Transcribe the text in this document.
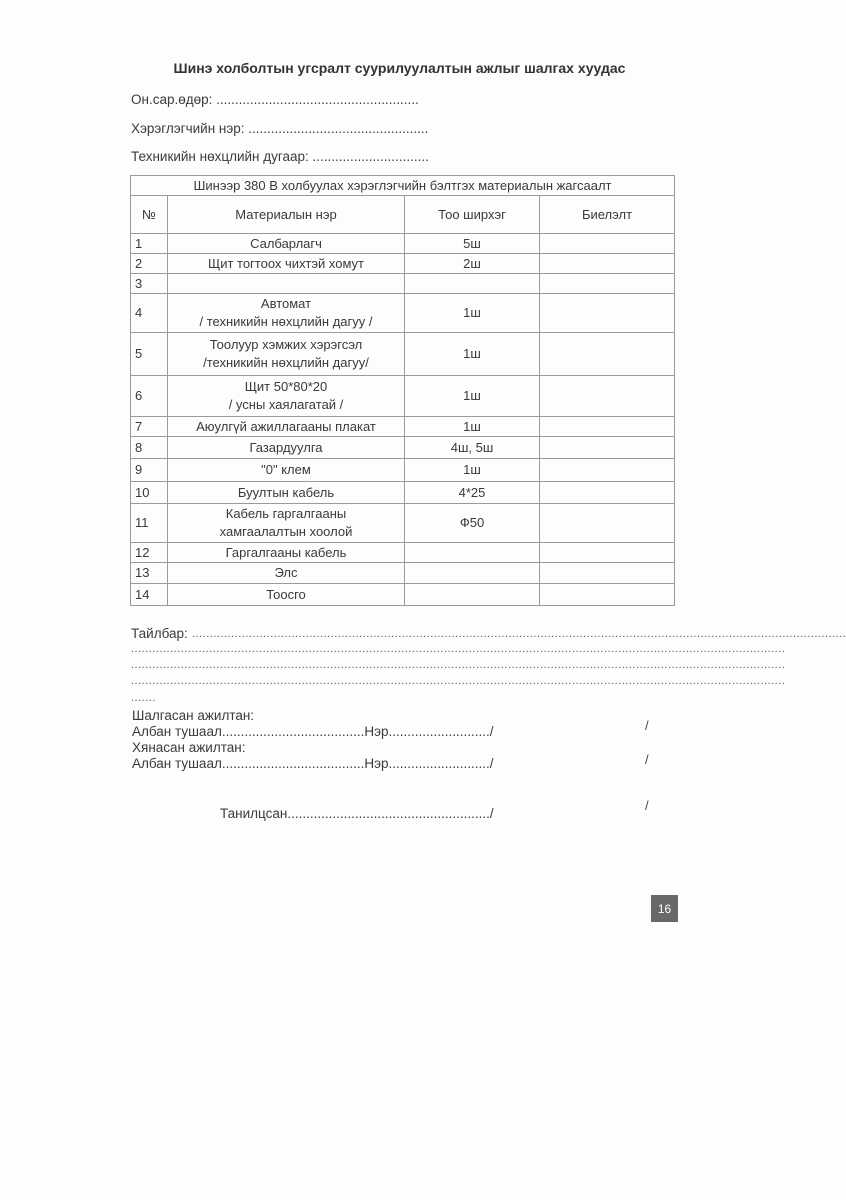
Шинэ холболтын угсралт суурилуулалтын ажлыг шалгах хуудас
Он.сар.өдөр: ......................................................
Хэрэглэгчийн нэр: ................................................
Техникийн нөхцлийн дугаар: ...............................
Шинээр 380 В холбуулах хэрэглэгчийн бэлтгэх материалын жагсаалт			
№	Материалын нэр	Тоо ширхэг	Биелэлт
1	Салбарлагч	5ш	
2	Щит тогтоох чихтэй хомут	2ш	
3	

4	Автомат
/ техникийн нөхцлийн дагуу /	1ш	
5	Тоолуур хэмжих хэрэгсэл
/техникийн нөхцлийн дагуу/	1ш	
6	Щит 50*80*20
/ усны хаялагатай /	1ш	
7	Аюулгүй ажиллагааны плакат	1ш	
8	Газардуулга	4ш, 5ш	
9	"0" клем	1ш	
10	Буултын кабель	4*25	
11	Кабель гаргалгааны
хамгаалалтын хоолой	Ф50	
12	Гаргалгааны кабель		

13	Элс		

14	Тоосго		

Тайлбар: ........................................................................................................................................................................................
........................................................................................................................................................................................
........................................................................................................................................................................................
........................................................................................................................................................................................
.......
Шалгасан ажилтан:
Албан тушаал......................................Нэр.........................../	/
Хянасан ажилтан:
Албан тушаал......................................Нэр.........................../	/
Танилцсан....................................................../
/
16
